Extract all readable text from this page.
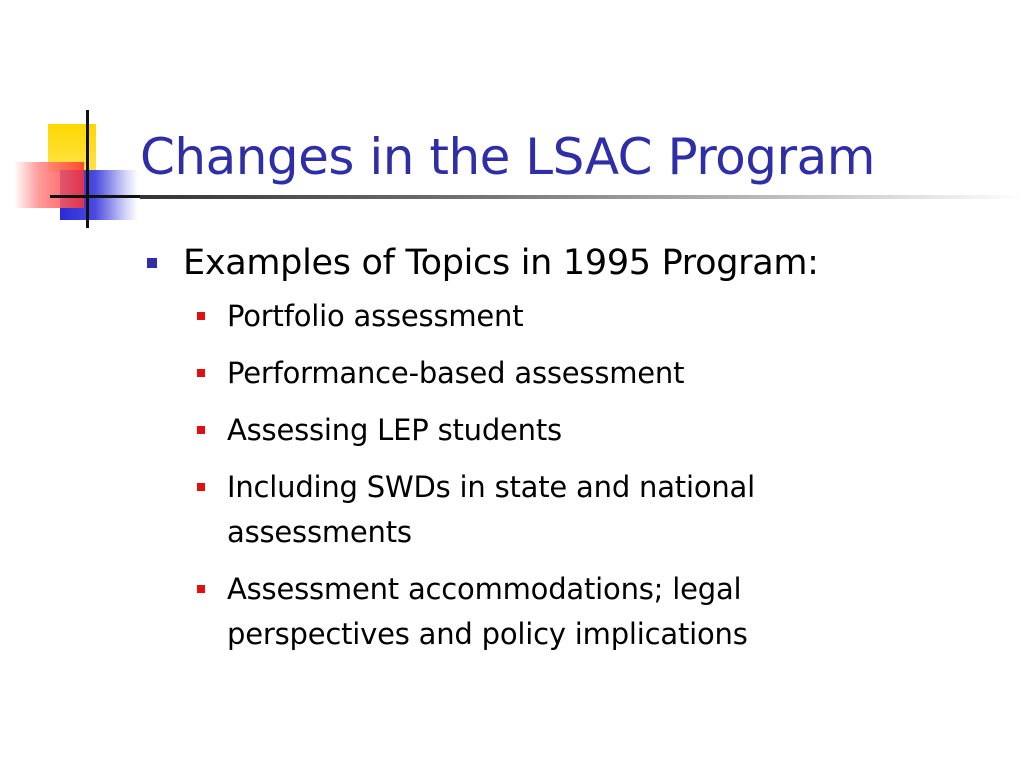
Changes in the LSAC Program
Examples of Topics in 1995 Program:
Portfolio assessment
Performance-based assessment
Assessing LEP students
Including SWDs in state and national assessments
Assessment accommodations; legal perspectives and policy implications
